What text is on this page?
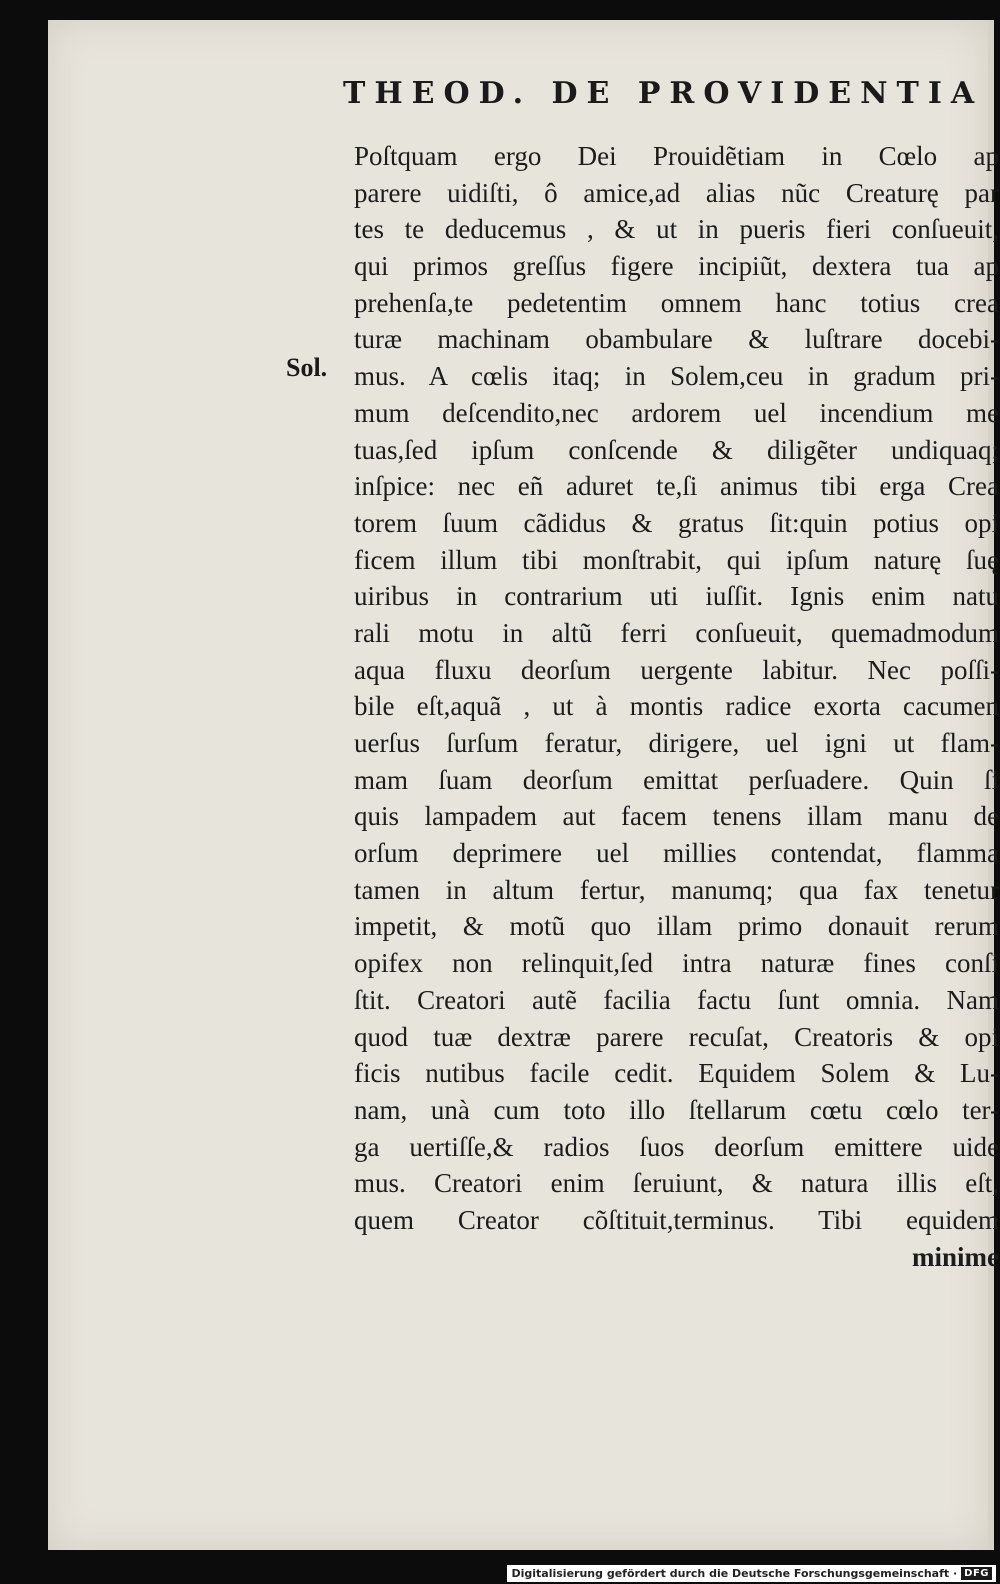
THEOD. DE PROVIDENTIA
Sol.
Poſtquam ergo Dei Prouidẽtiam in Cœlo ap
parere uidiſti, ô amice,ad alias nũc Creaturę par
tes te deducemus , & ut in pueris fieri conſueuit,
qui primos greſſus figere incipiũt, dextera tua ap
prehenſa,te pedetentim omnem hanc totius crea
turæ machinam obambulare & luſtrare docebi-
mus. A cœlis itaq; in Solem,ceu in gradum pri-
mum deſcendito,nec ardorem uel incendium me
tuas,ſed ipſum conſcende & diligẽter undiquaq;
inſpice: nec eñ aduret te,ſi animus tibi erga Crea
torem ſuum cãdidus & gratus ſit:quin potius opi
ficem illum tibi monſtrabit, qui ipſum naturę ſuę
uiribus in contrarium uti iuſſit. Ignis enim natu
rali motu in altũ ferri conſueuit, quemadmodum
aqua fluxu deorſum uergente labitur. Nec poſſi-
bile eſt,aquã , ut à montis radice exorta cacumen
uerſus ſurſum feratur, dirigere, uel igni ut flam-
mam ſuam deorſum emittat perſuadere. Quin ſi
quis lampadem aut facem tenens illam manu de
orſum deprimere uel millies contendat, flamma
tamen in altum fertur, manumq; qua fax tenetur
impetit, & motũ quo illam primo donauit rerum
opifex non relinquit,ſed intra naturæ fines conſi
ſtit. Creatori autẽ facilia factu ſunt omnia. Nam
quod tuæ dextræ parere recuſat, Creatoris & opi
ficis nutibus facile cedit. Equidem Solem & Lu-
nam, unà cum toto illo ſtellarum cœtu cœlo ter-
ga uertiſſe,& radios ſuos deorſum emittere uide
mus. Creatori enim ſeruiunt, & natura illis eſt,
quem Creator cõſtituit,terminus. Tibi equidem
minime
Digitalisierung gefördert durch die Deutsche Forschungsgemeinschaft · DFG
